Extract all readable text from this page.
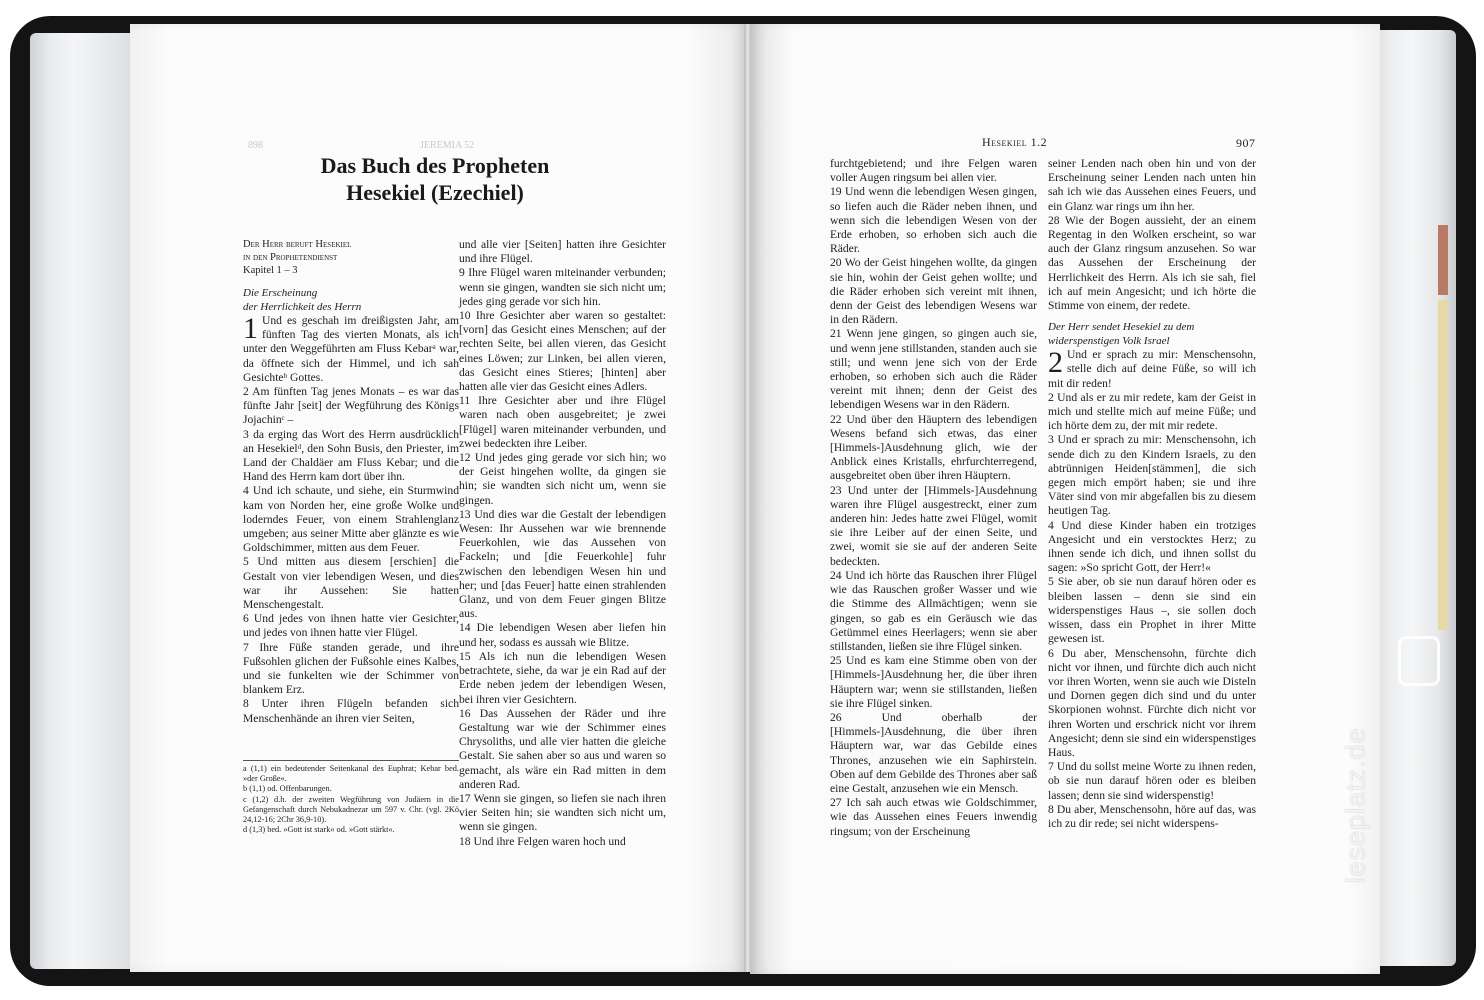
898	JEREMIA 52
Das Buch des Propheten
Hesekiel (Ezechiel)

Der Herr beruft Hesekiel

in den Prophetendienst

Kapitel 1 – 3

Die Erscheinung
der Herrlichkeit des Herrn

1 Und es geschah im dreißigsten Jahr, am fünften Tag des vierten Monats, als ich unter den Weggeführten am Fluss Kebarᵃ war, da öffnete sich der Himmel, und ich sah Gesichteᵇ Gottes.

2 Am fünften Tag jenes Monats – es war das fünfte Jahr [seit] der Wegführung des Königs Jojachinᶜ –

3 da erging das Wort des Herrn ausdrücklich an Hesekielᵈ, den Sohn Busis, den Priester, im Land der Chaldäer am Fluss Kebar; und die Hand des Herrn kam dort über ihn.

4 Und ich schaute, und siehe, ein Sturmwind kam von Norden her, eine große Wolke und loderndes Feuer, von einem Strahlenglanz umgeben; aus seiner Mitte aber glänzte es wie Goldschimmer, mitten aus dem Feuer.

5 Und mitten aus diesem [erschien] die Gestalt von vier lebendigen Wesen, und dies war ihr Aussehen: Sie hatten Menschengestalt.

6 Und jedes von ihnen hatte vier Gesichter, und jedes von ihnen hatte vier Flügel.

7 Ihre Füße standen gerade, und ihre Fußsohlen glichen der Fußsohle eines Kalbes, und sie funkelten wie der Schimmer von blankem Erz.

8 Unter ihren Flügeln befanden sich Menschenhände an ihren vier Seiten,

und alle vier [Seiten] hatten ihre Gesichter und ihre Flügel.

9 Ihre Flügel waren miteinander verbunden; wenn sie gingen, wandten sie sich nicht um; jedes ging gerade vor sich hin.

10 Ihre Gesichter aber waren so gestaltet: [vorn] das Gesicht eines Menschen; auf der rechten Seite, bei allen vieren, das Gesicht eines Löwen; zur Linken, bei allen vieren, das Gesicht eines Stieres; [hinten] aber hatten alle vier das Gesicht eines Adlers.

11 Ihre Gesichter aber und ihre Flügel waren nach oben ausgebreitet; je zwei [Flügel] waren miteinander verbunden, und zwei bedeckten ihre Leiber.

12 Und jedes ging gerade vor sich hin; wo der Geist hingehen wollte, da gingen sie hin; sie wandten sich nicht um, wenn sie gingen.

13 Und dies war die Gestalt der lebendigen Wesen: Ihr Aussehen war wie brennende Feuerkohlen, wie das Aussehen von Fackeln; und [die Feuerkohle] fuhr zwischen den lebendigen Wesen hin und her; und [das Feuer] hatte einen strahlenden Glanz, und von dem Feuer gingen Blitze aus.

14 Die lebendigen Wesen aber liefen hin und her, sodass es aussah wie Blitze.

15 Als ich nun die lebendigen Wesen betrachtete, siehe, da war je ein Rad auf der Erde neben jedem der lebendigen Wesen, bei ihren vier Gesichtern.

16 Das Aussehen der Räder und ihre Gestaltung war wie der Schimmer eines Chrysoliths, und alle vier hatten die gleiche Gestalt. Sie sahen aber so aus und waren so gemacht, als wäre ein Rad mitten in dem anderen Rad.

17 Wenn sie gingen, so liefen sie nach ihren vier Seiten hin; sie wandten sich nicht um, wenn sie gingen.

18 Und ihre Felgen waren hoch und

a (1,1) ein bedeutender Seitenkanal des Euphrat; Kebar bed. »der Große«.

b (1,1) od. Offenbarungen.

c (1,2) d.h. der zweiten Wegführung von Judäern in die Gefangenschaft durch Nebukadnezar um 597 v. Chr. (vgl. 2Kö 24,12-16; 2Chr 36,9-10).

d (1,3) bed. »Gott ist stark« od. »Gott stärkt«.

Hesekiel 1.2	907

furchtgebietend; und ihre Felgen waren voller Augen ringsum bei allen vier.

19 Und wenn die lebendigen Wesen gingen, so liefen auch die Räder neben ihnen, und wenn sich die lebendigen Wesen von der Erde erhoben, so erhoben sich auch die Räder.

20 Wo der Geist hingehen wollte, da gingen sie hin, wohin der Geist gehen wollte; und die Räder erhoben sich vereint mit ihnen, denn der Geist des lebendigen Wesens war in den Rädern.

21 Wenn jene gingen, so gingen auch sie, und wenn jene stillstanden, standen auch sie still; und wenn jene sich von der Erde erhoben, so erhoben sich auch die Räder vereint mit ihnen; denn der Geist des lebendigen Wesens war in den Rädern.

22 Und über den Häuptern des lebendigen Wesens befand sich etwas, das einer [Himmels-]Ausdehnung glich, wie der Anblick eines Kristalls, ehrfurchterregend, ausgebreitet oben über ihren Häuptern.

23 Und unter der [Himmels-]Ausdehnung waren ihre Flügel ausgestreckt, einer zum anderen hin: Jedes hatte zwei Flügel, womit sie ihre Leiber auf der einen Seite, und zwei, womit sie sie auf der anderen Seite bedeckten.

24 Und ich hörte das Rauschen ihrer Flügel wie das Rauschen großer Wasser und wie die Stimme des Allmächtigen; wenn sie gingen, so gab es ein Geräusch wie das Getümmel eines Heerlagers; wenn sie aber stillstanden, ließen sie ihre Flügel sinken.

25 Und es kam eine Stimme oben von der [Himmels-]Ausdehnung her, die über ihren Häuptern war; wenn sie stillstanden, ließen sie ihre Flügel sinken.

26 Und oberhalb der [Himmels-]Ausdehnung, die über ihren Häuptern war, war das Gebilde eines Thrones, anzusehen wie ein Saphirstein. Oben auf dem Gebilde des Thrones aber saß eine Gestalt, anzusehen wie ein Mensch.

27 Ich sah auch etwas wie Goldschimmer, wie das Aussehen eines Feuers inwendig ringsum; von der Erscheinung

seiner Lenden nach oben hin und von der Erscheinung seiner Lenden nach unten hin sah ich wie das Aussehen eines Feuers, und ein Glanz war rings um ihn her.

28 Wie der Bogen aussieht, der an einem Regentag in den Wolken erscheint, so war auch der Glanz ringsum anzusehen. So war das Aussehen der Erscheinung der Herrlichkeit des Herrn. Als ich sie sah, fiel ich auf mein Angesicht; und ich hörte die Stimme von einem, der redete.

Der Herr sendet Hesekiel zu dem
widerspenstigen Volk Israel

2 Und er sprach zu mir: Menschensohn, stelle dich auf deine Füße, so will ich mit dir reden!

2 Und als er zu mir redete, kam der Geist in mich und stellte mich auf meine Füße; und ich hörte dem zu, der mit mir redete.

3 Und er sprach zu mir: Menschensohn, ich sende dich zu den Kindern Israels, zu den abtrünnigen Heiden[stämmen], die sich gegen mich empört haben; sie und ihre Väter sind von mir abgefallen bis zu diesem heutigen Tag.

4 Und diese Kinder haben ein trotziges Angesicht und ein verstocktes Herz; zu ihnen sende ich dich, und ihnen sollst du sagen: »So spricht Gott, der Herr!«

5 Sie aber, ob sie nun darauf hören oder es bleiben lassen – denn sie sind ein widerspenstiges Haus –, sie sollen doch wissen, dass ein Prophet in ihrer Mitte gewesen ist.

6 Du aber, Menschensohn, fürchte dich nicht vor ihnen, und fürchte dich auch nicht vor ihren Worten, wenn sie auch wie Disteln und Dornen gegen dich sind und du unter Skorpionen wohnst. Fürchte dich nicht vor ihren Worten und erschrick nicht vor ihrem Angesicht; denn sie sind ein widerspenstiges Haus.

7 Und du sollst meine Worte zu ihnen reden, ob sie nun darauf hören oder es bleiben lassen; denn sie sind widerspenstig!

8 Du aber, Menschensohn, höre auf das, was ich zu dir rede; sei nicht widerspens-	leseplatz.de
